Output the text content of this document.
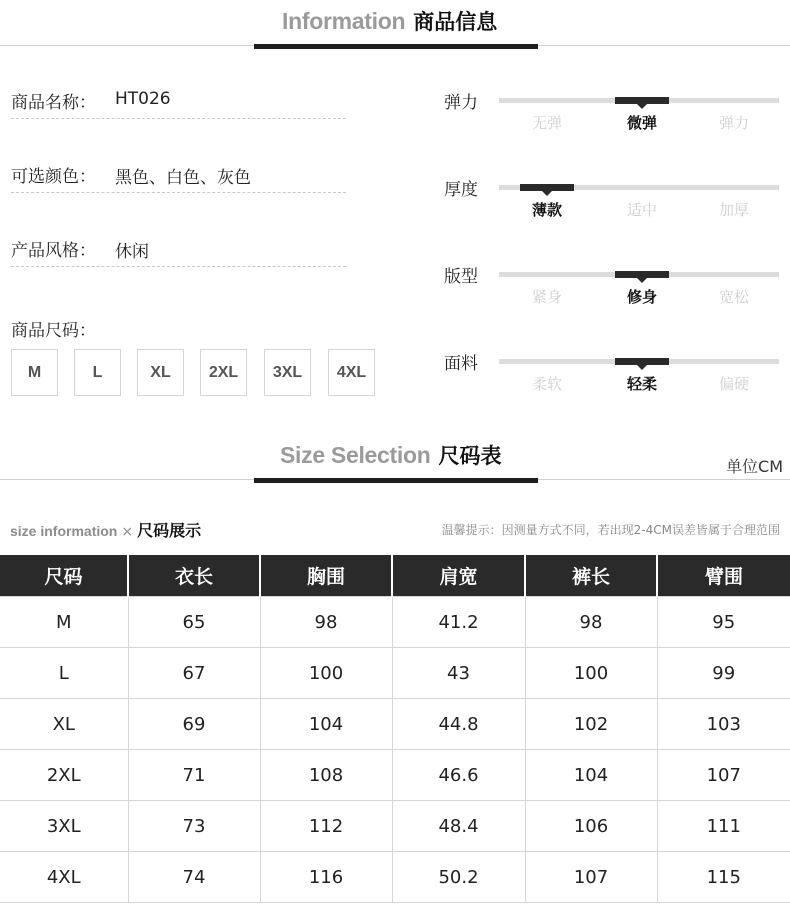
Information 商品信息
商品名称： HT026
可选颜色： 黑色、白色、灰色
产品风格： 休闲
商品尺码：
M	L	XL	2XL	3XL	4XL
弹力
无弹	微弹	弹力
厚度
薄款	适中	加厚
版型
紧身	修身	宽松
面料
柔软	轻柔	偏硬
Size Selection 尺码表	单位CM
size information × 尺码展示	温馨提示：因测量方式不同，若出现2-4CM误差皆属于合理范围
尺码	衣长	胸围	肩宽	裤长	臂围
M	65	98	41.2	98	95
L	67	100	43	100	99
XL	69	104	44.8	102	103
2XL	71	108	46.6	104	107
3XL	73	112	48.4	106	111
4XL	74	116	50.2	107	115
